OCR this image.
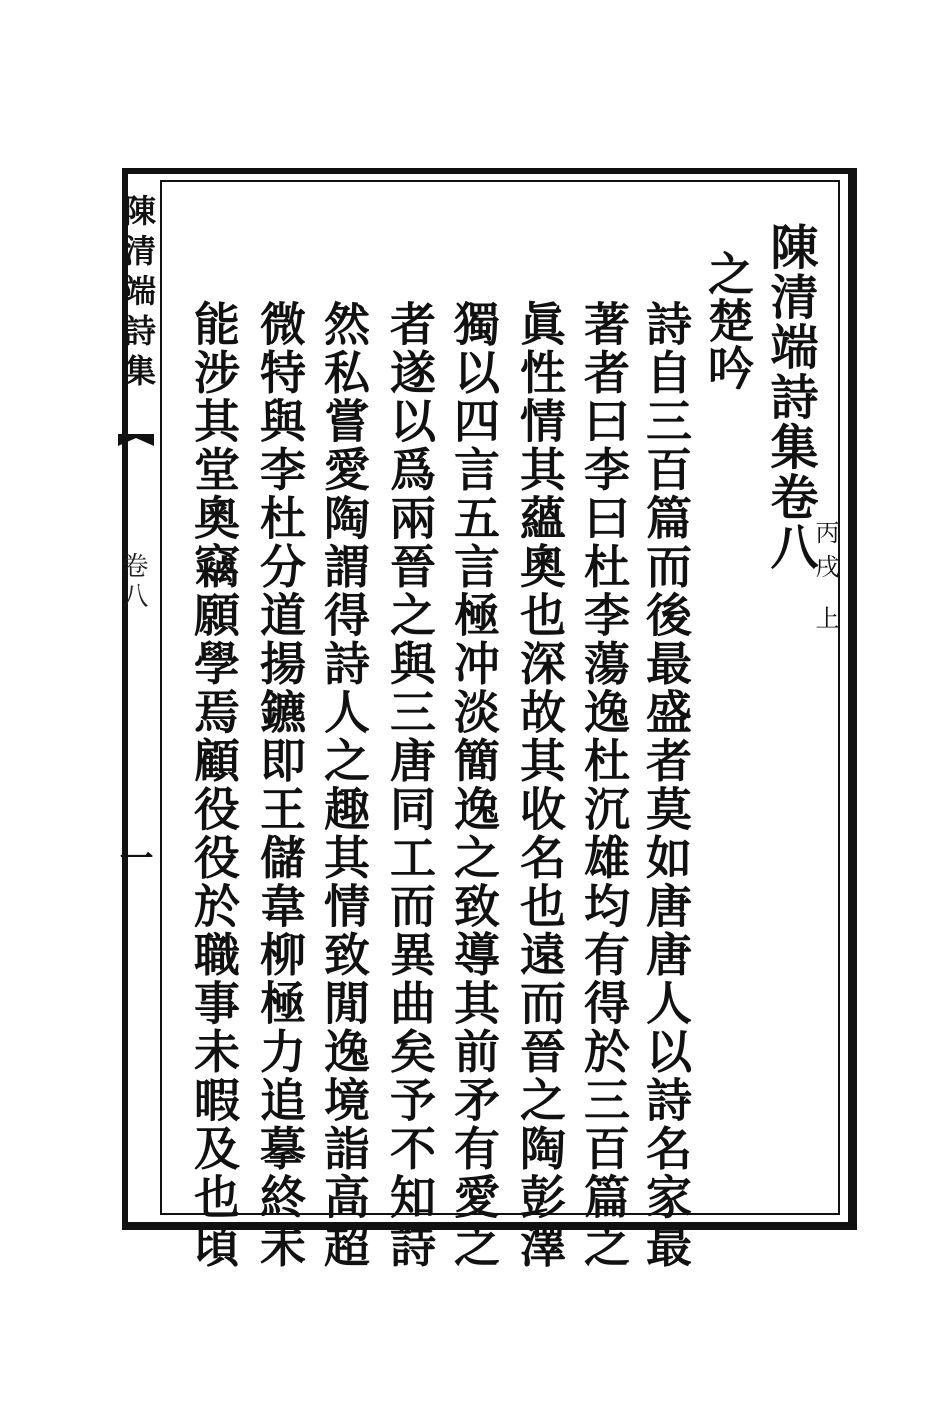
陳清端詩集
卷八
一
陳清端詩集卷八
丙戌 上
之楚吟
詩自三百篇而後最盛者莫如唐唐人以詩名家最
著者曰李曰杜李蕩逸杜沉雄均有得於三百篇之
眞性情其蘊奧也深故其收名也遠而晉之陶彭澤
獨以四言五言極冲淡簡逸之致導其前矛有愛之
者遂以爲兩晉之與三唐同工而異曲矣予不知詩
然私嘗愛陶謂得詩人之趣其情致閒逸境詣高超
微特與李杜分道揚鑣即王儲韋柳極力追摹終未
能涉其堂奧竊願學焉顧役役於職事未暇及也頃
